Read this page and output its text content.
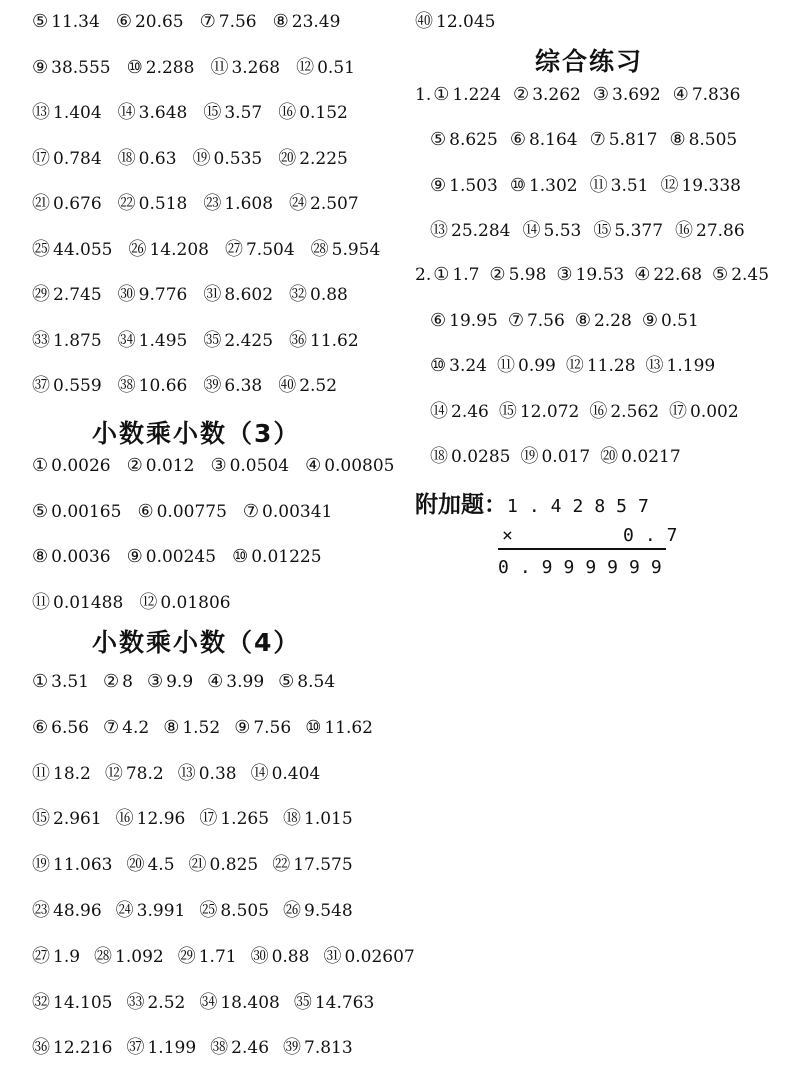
⑤ 11.34 ⑥ 20.65 ⑦ 7.56 ⑧ 23.49
⑨ 38.555 ⑩ 2.288 ⑪ 3.268 ⑫ 0.51
⑬ 1.404 ⑭ 3.648 ⑮ 3.57 ⑯ 0.152
⑰ 0.784 ⑱ 0.63 ⑲ 0.535 ⑳ 2.225
㉑ 0.676 ㉒ 0.518 ㉓ 1.608 ㉔ 2.507
㉕ 44.055 ㉖ 14.208 ㉗ 7.504 ㉘ 5.954
㉙ 2.745 ㉚ 9.776 ㉛ 8.602 ㉜ 0.88
㉝ 1.875 ㉞ 1.495 ㉟ 2.425 ㊱ 11.62
㊲ 0.559 ㊳ 10.66 ㊴ 6.38 ㊵ 2.52
小数乘小数（3）
① 0.0026 ② 0.012 ③ 0.0504 ④ 0.00805
⑤ 0.00165 ⑥ 0.00775 ⑦ 0.00341
⑧ 0.0036 ⑨ 0.00245 ⑩ 0.01225
⑪ 0.01488 ⑫ 0.01806
小数乘小数（4）
① 3.51 ② 8 ③ 9.9 ④ 3.99 ⑤ 8.54
⑥ 6.56 ⑦ 4.2 ⑧ 1.52 ⑨ 7.56 ⑩ 11.62
⑪ 18.2 ⑫ 78.2 ⑬ 0.38 ⑭ 0.404
⑮ 2.961 ⑯ 12.96 ⑰ 1.265 ⑱ 1.015
⑲ 11.063 ⑳ 4.5 ㉑ 0.825 ㉒ 17.575
㉓ 48.96 ㉔ 3.991 ㉕ 8.505 ㉖ 9.548
㉗ 1.9 ㉘ 1.092 ㉙ 1.71 ㉚ 0.88 ㉛ 0.02607
㉜ 14.105 ㉝ 2.52 ㉞ 18.408 ㉟ 14.763
㊱ 12.216 ㊲ 1.199 ㊳ 2.46 ㊴ 7.813
㊵ 12.045
综合练习
1. ① 1.224 ② 3.262 ③ 3.692 ④ 7.836
⑤ 8.625 ⑥ 8.164 ⑦ 5.817 ⑧ 8.505
⑨ 1.503 ⑩ 1.302 ⑪ 3.51 ⑫ 19.338
⑬ 25.284 ⑭ 5.53 ⑮ 5.377 ⑯ 27.86
2. ① 1.7 ② 5.98 ③ 19.53 ④ 22.68 ⑤ 2.45
⑥ 19.95 ⑦ 7.56 ⑧ 2.28 ⑨ 0.51
⑩ 3.24 ⑪ 0.99 ⑫ 11.28 ⑬ 1.199
⑭ 2.46 ⑮ 12.072 ⑯ 2.562 ⑰ 0.002
⑱ 0.0285 ⑲ 0.017 ⑳ 0.0217
附加题：1.42857
×	0.7
0.999999
